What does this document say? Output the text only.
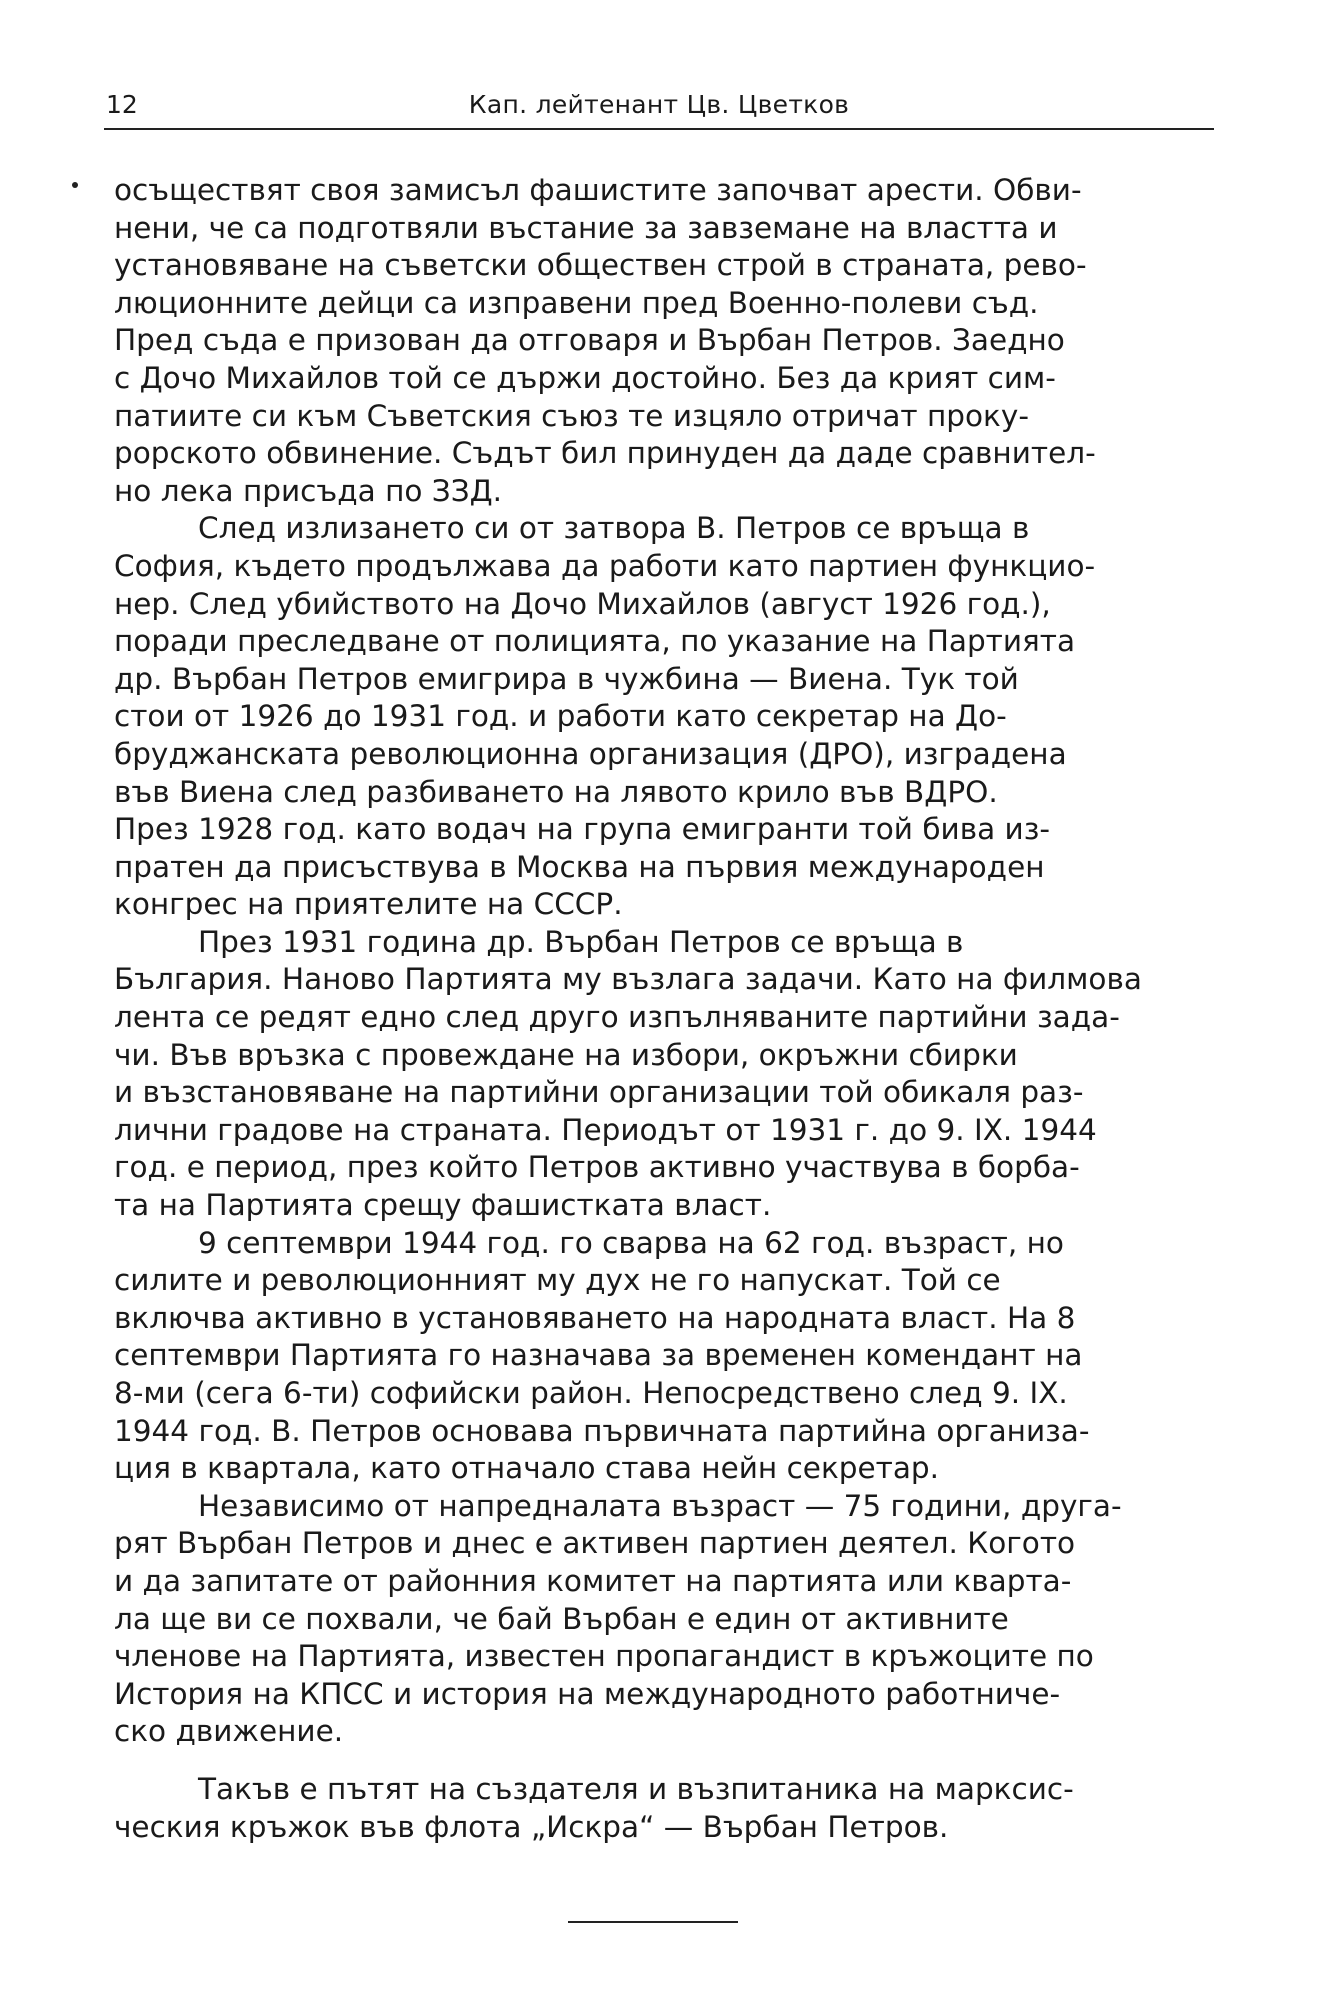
12	Кап. лейтенант Цв. Цветков
осъществят своя замисъл фашистите започват арести. Обви-
нени, че са подготвяли въстание за завземане на властта и
установяване на съветски обществен строй в страната, рево-
люционните дейци са изправени пред Военно-полеви съд.
Пред съда е призован да отговаря и Върбан Петров. Заедно
с Дочо Михайлов той се държи достойно. Без да крият сим-
патиите си към Съветския съюз те изцяло отричат проку-
рорското обвинение. Съдът бил принуден да даде сравнител-
но лека присъда по ЗЗД.
След излизането си от затвора В. Петров се връща в
София, където продължава да работи като партиен функцио-
нер. След убийството на Дочо Михайлов (август 1926 год.),
поради преследване от полицията, по указание на Партията
др. Върбан Петров емигрира в чужбина — Виена. Тук той
стои от 1926 до 1931 год. и работи като секретар на До-
бруджанската революционна организация (ДРО), изградена
във Виена след разбиването на лявото крило във ВДРО.
През 1928 год. като водач на група емигранти той бива из-
пратен да присъствува в Москва на първия международен
конгрес на приятелите на СССР.
През 1931 година др. Върбан Петров се връща в
България. Наново Партията му възлага задачи. Като на филмова
лента се редят едно след друго изпълняваните партийни зада-
чи. Във връзка с провеждане на избори, окръжни сбирки
и възстановяване на партийни организации той обикаля раз-
лични градове на страната. Периодът от 1931 г. до 9. IX. 1944
год. е период, през който Петров активно участвува в борба-
та на Партията срещу фашистката власт.
9 септември 1944 год. го сварва на 62 год. възраст, но
силите и революционният му дух не го напускат. Той се
включва активно в установяването на народната власт. На 8
септември Партията го назначава за временен комендант на
8-ми (сега 6-ти) софийски район. Непосредствено след 9. IX.
1944 год. В. Петров основава първичната партийна организа-
ция в квартала, като отначало става нейн секретар.
Независимо от напредналата възраст — 75 години, друга-
рят Върбан Петров и днес е активен партиен деятел. Когото
и да запитате от районния комитет на партията или кварта-
ла ще ви се похвали, че бай Върбан е един от активните
членове на Партията, известен пропагандист в кръжоците по
История на КПСС и история на международното работниче-
ско движение.
Такъв е пътят на създателя и възпитаника на марксис-
ческия кръжок във флота „Искра“ — Върбан Петров.
